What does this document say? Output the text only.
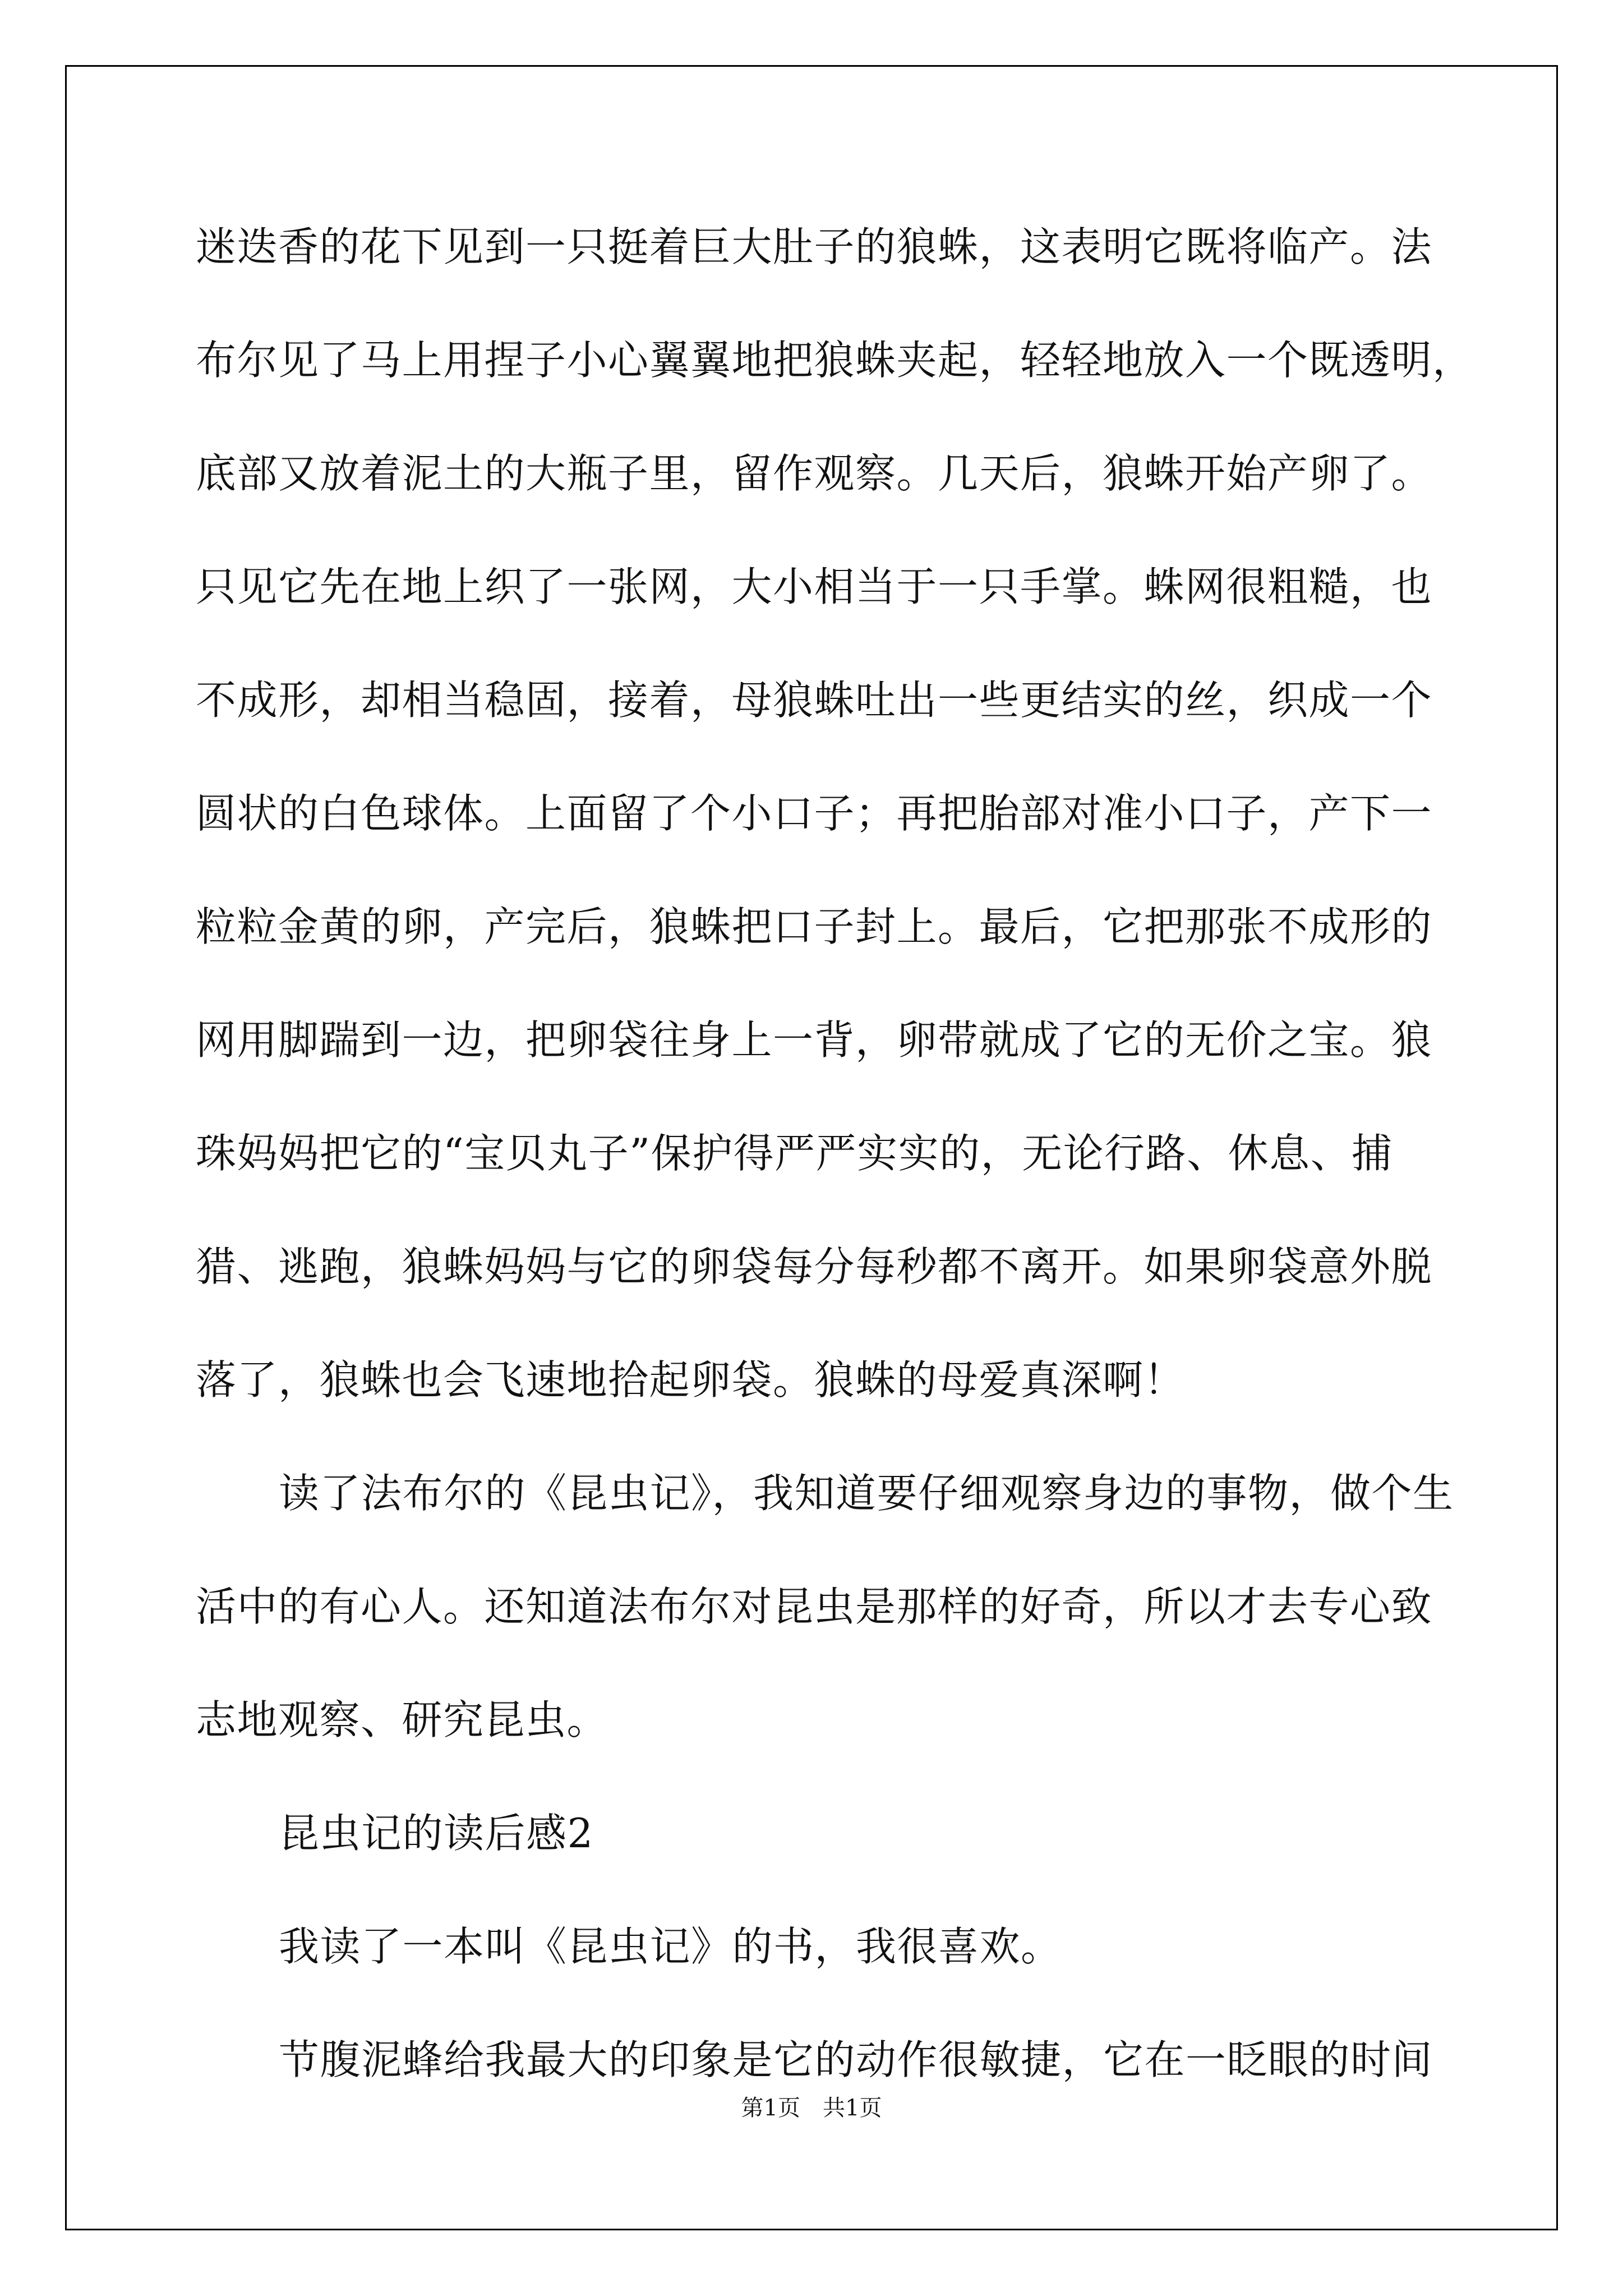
迷迭香的花下见到一只挺着巨大肚子的狼蛛，这表明它既将临产。法
布尔见了马上用捏子小心翼翼地把狼蛛夹起，轻轻地放入一个既透明，
底部又放着泥土的大瓶子里，留作观察。几天后，狼蛛开始产卵了。
只见它先在地上织了一张网，大小相当于一只手掌。蛛网很粗糙，也
不成形，却相当稳固，接着，母狼蛛吐出一些更结实的丝，织成一个
圆状的白色球体。上面留了个小口子；再把胎部对准小口子，产下一
粒粒金黄的卵，产完后，狼蛛把口子封上。最后，它把那张不成形的
网用脚踹到一边，把卵袋往身上一背，卵带就成了它的无价之宝。狼
珠妈妈把它的“宝贝丸子”保护得严严实实的，无论行路、休息、捕
猎、逃跑，狼蛛妈妈与它的卵袋每分每秒都不离开。如果卵袋意外脱
落了，狼蛛也会飞速地拾起卵袋。狼蛛的母爱真深啊！
读了法布尔的《昆虫记》，我知道要仔细观察身边的事物，做个生
活中的有心人。还知道法布尔对昆虫是那样的好奇，所以才去专心致
志地观察、研究昆虫。
昆虫记的读后感2
我读了一本叫《昆虫记》的书，我很喜欢。
节腹泥蜂给我最大的印象是它的动作很敏捷，它在一眨眼的时间
第1页　共1页
